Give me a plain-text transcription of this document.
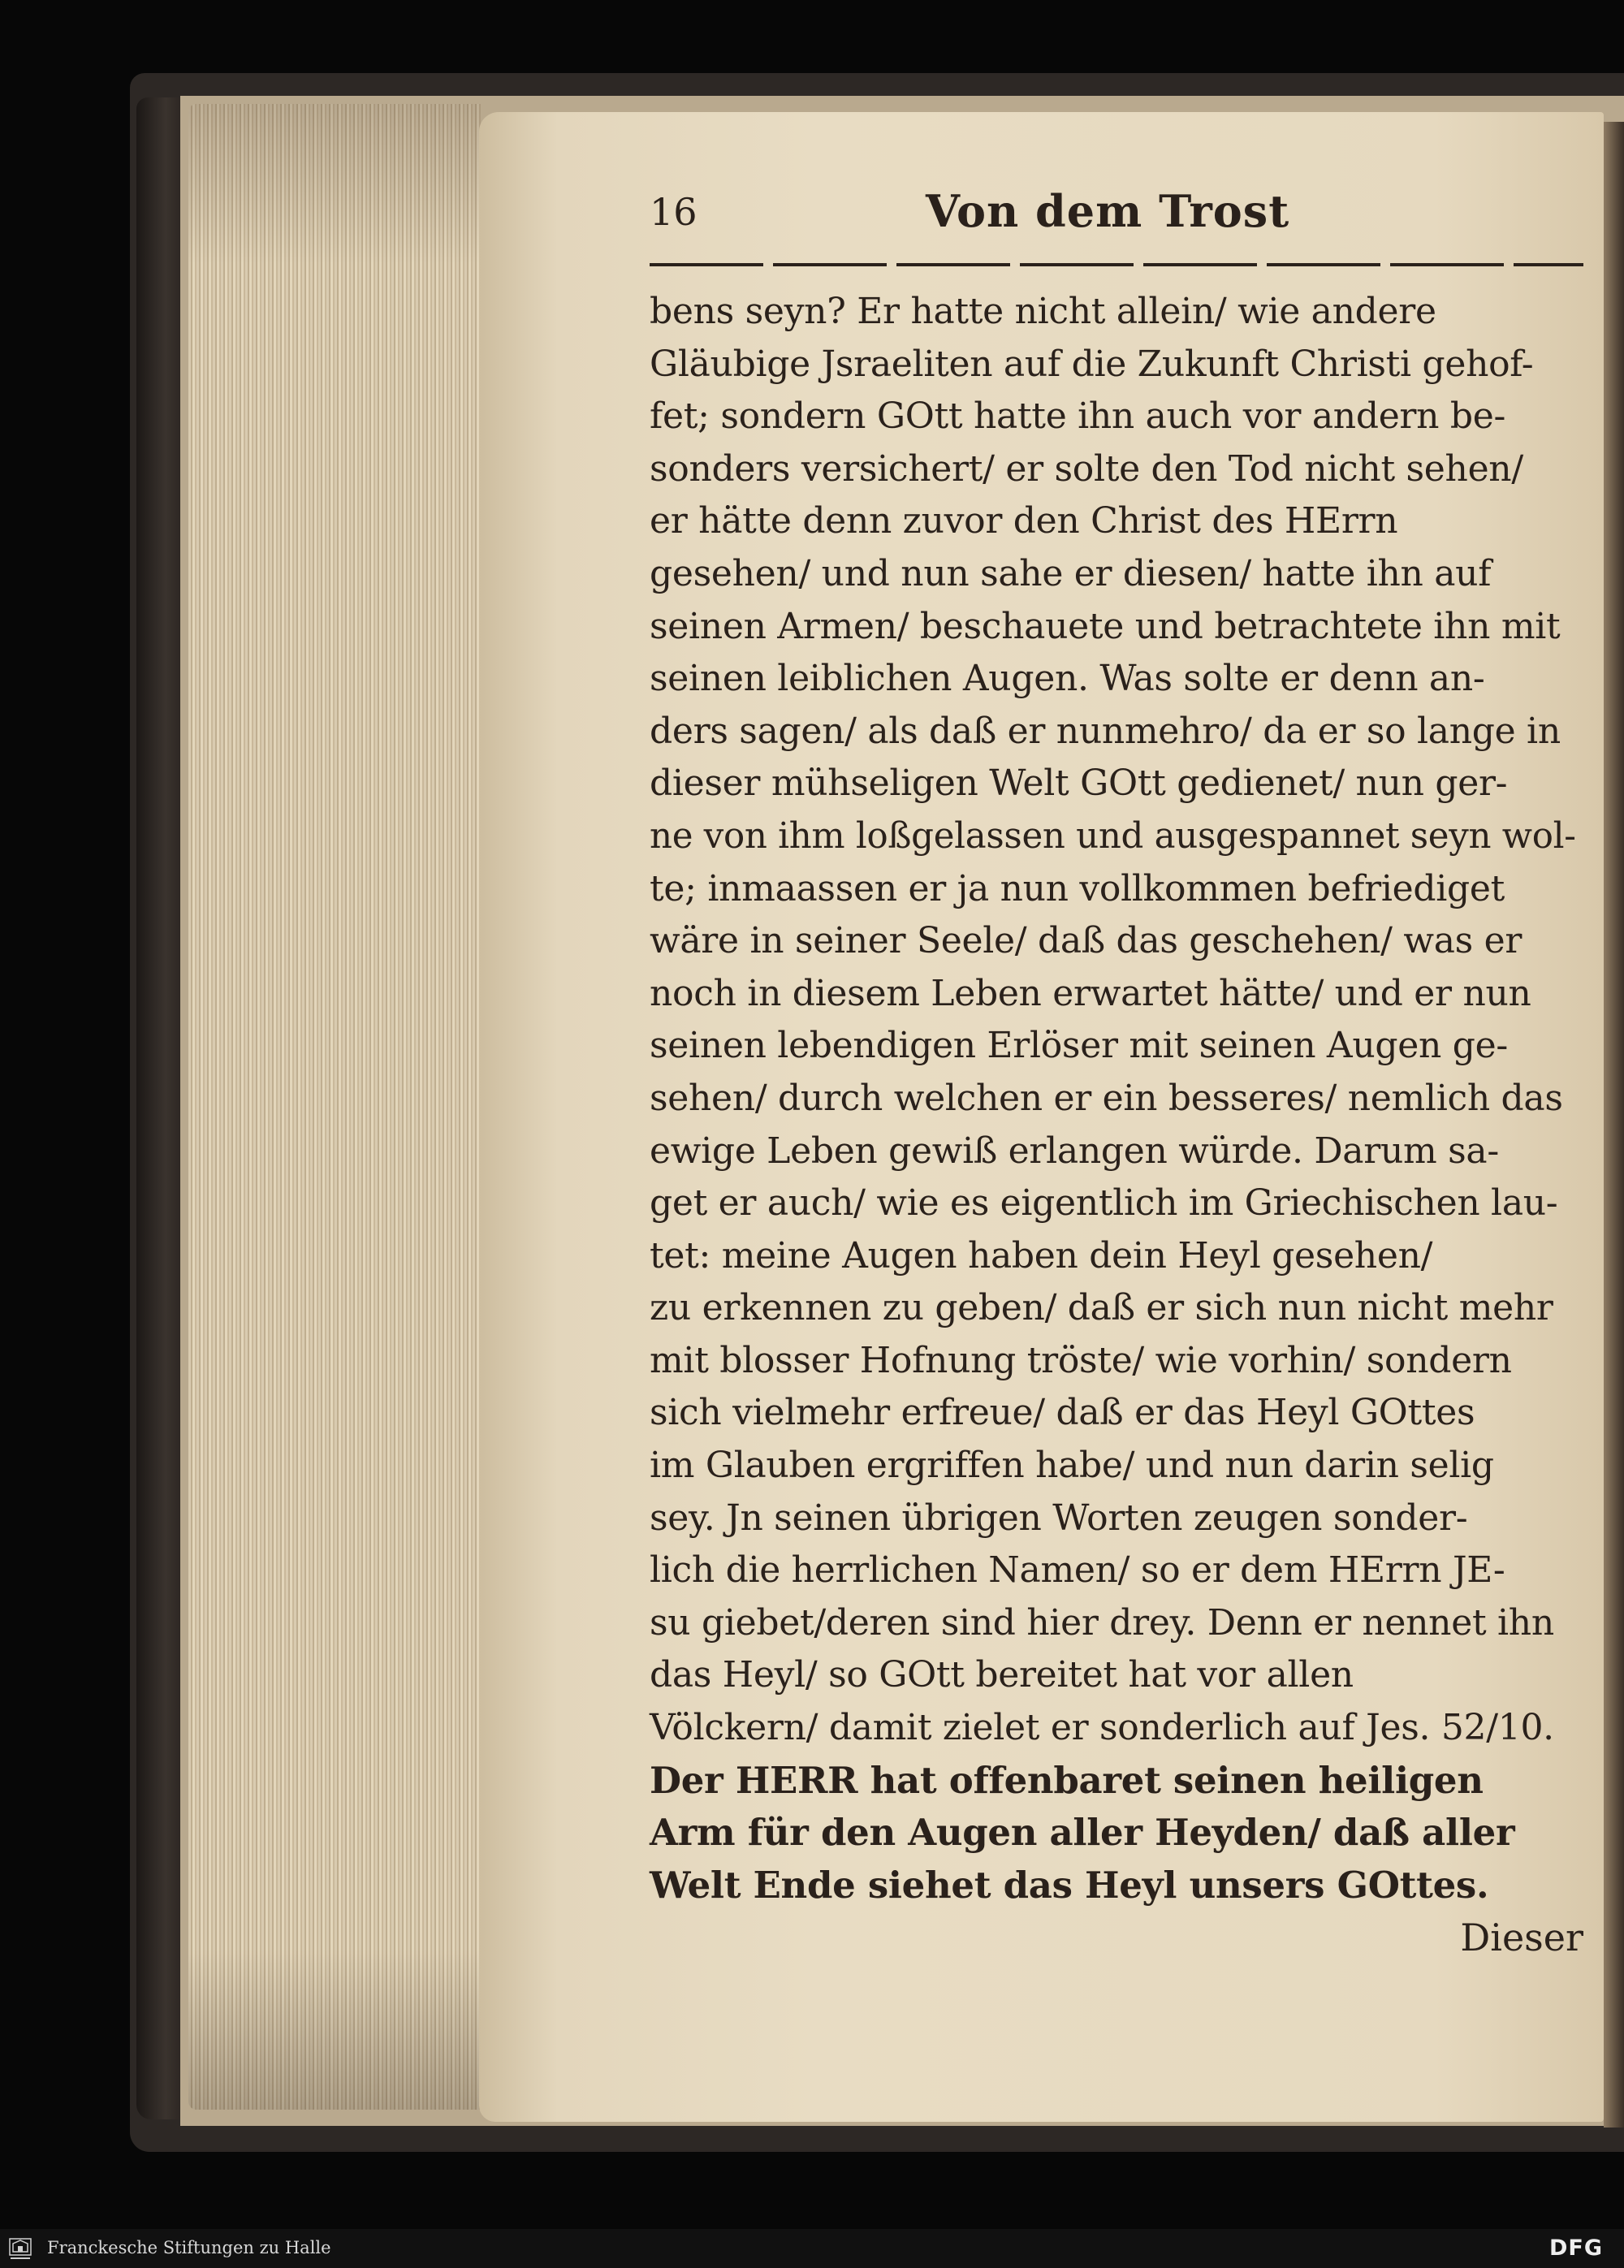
16	Von dem Trost
bens seyn? Er hatte nicht allein/ wie andere
Gläubige Jsraeliten auf die Zukunft Christi gehof-
fet; sondern GOtt hatte ihn auch vor andern be-
sonders versichert/ er solte den Tod nicht sehen/
er hätte denn zuvor den Christ des HErrn
gesehen/ und nun sahe er diesen/ hatte ihn auf
seinen Armen/ beschauete und betrachtete ihn mit
seinen leiblichen Augen. Was solte er denn an-
ders sagen/ als daß er nunmehro/ da er so lange in
dieser mühseligen Welt GOtt gedienet/ nun ger-
ne von ihm loßgelassen und ausgespannet seyn wol-
te; inmaassen er ja nun vollkommen befriediget
wäre in seiner Seele/ daß das geschehen/ was er
noch in diesem Leben erwartet hätte/ und er nun
seinen lebendigen Erlöser mit seinen Augen ge-
sehen/ durch welchen er ein besseres/ nemlich das
ewige Leben gewiß erlangen würde. Darum sa-
get er auch/ wie es eigentlich im Griechischen lau-
tet: meine Augen haben dein Heyl gesehen/
zu erkennen zu geben/ daß er sich nun nicht mehr
mit blosser Hofnung tröste/ wie vorhin/ sondern
sich vielmehr erfreue/ daß er das Heyl GOttes
im Glauben ergriffen habe/ und nun darin selig
sey. Jn seinen übrigen Worten zeugen sonder-
lich die herrlichen Namen/ so er dem HErrn JE-
su giebet/deren sind hier drey. Denn er nennet ihn
das Heyl/ so GOtt bereitet hat vor allen
Völckern/ damit zielet er sonderlich auf Jes. 52/10.
Der HERR hat offenbaret seinen heiligen
Arm für den Augen aller Heyden/ daß aller
Welt Ende siehet das Heyl unsers GOttes.
Dieser
Franckesche Stiftungen zu Halle	DFG
